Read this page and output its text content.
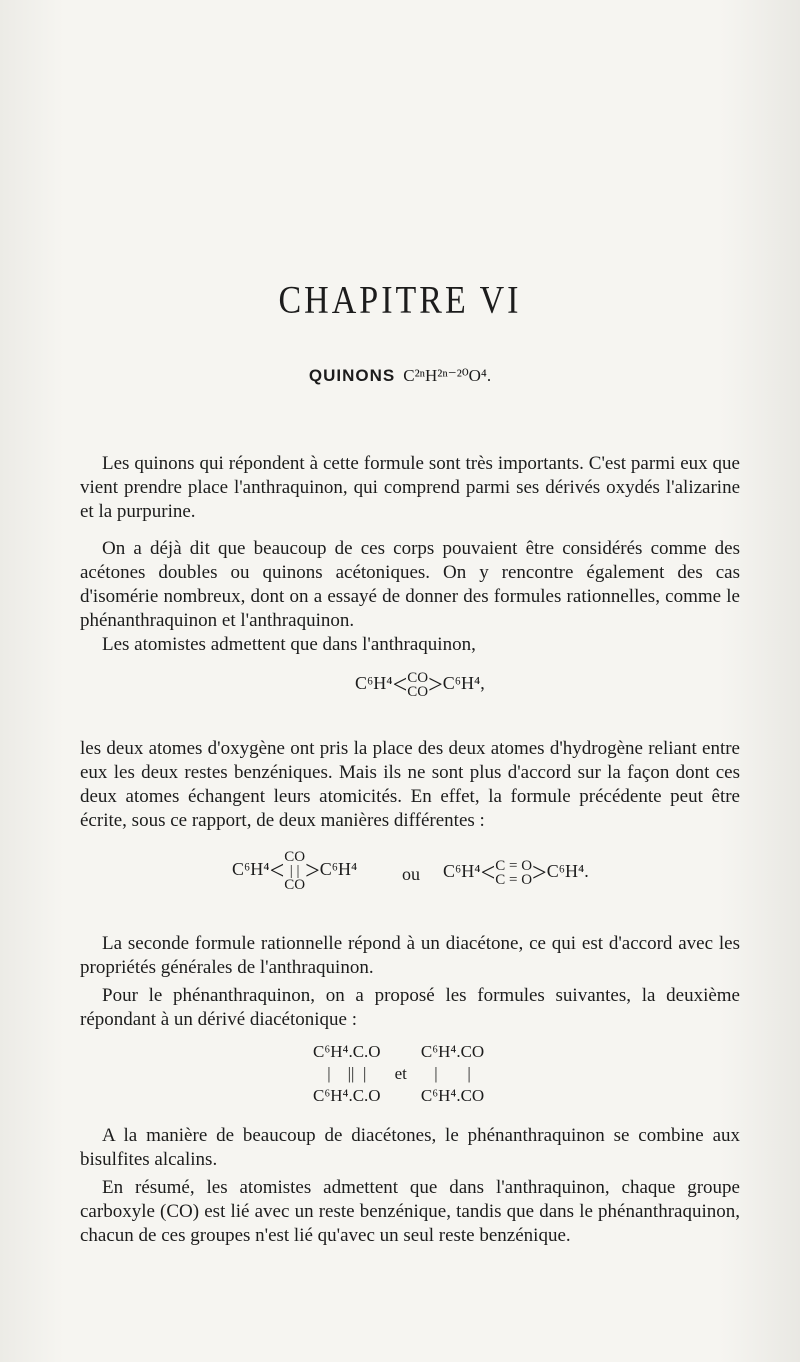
CHAPITRE VI
QUINONS C²ⁿH²ⁿ⁻²⁰O⁴.

Les quinons qui répondent à cette formule sont très importants. C'est parmi eux que vient prendre place l'anthraquinon, qui comprend parmi ses dérivés oxydés l'alizarine et la purpurine.

On a déjà dit que beaucoup de ces corps pouvaient être considérés comme des acétones doubles ou quinons acétoniques. On y rencontre également des cas d'isomérie nombreux, dont on a essayé de donner des formules rationnelles, comme le phénanthraquinon et l'anthraquinon.

Les atomistes admettent que dans l'anthraquinon,

C⁶H⁴< CO
CO >C⁶H⁴,

les deux atomes d'oxygène ont pris la place des deux atomes d'hydrogène reliant entre eux les deux restes benzéniques. Mais ils ne sont plus d'accord sur la façon dont ces deux atomes échangent leurs atomicités. En effet, la formule précédente peut être écrite, sous ce rapport, de deux manières différentes :

C⁶H⁴< CO
| |
CO >C⁶H⁴ ou C⁶H⁴< C = O
C = O >C⁶H⁴.

La seconde formule rationnelle répond à un diacétone, ce qui est d'accord avec les propriétés générales de l'anthraquinon.

Pour le phénanthraquinon, on a proposé les formules suivantes, la deuxième répondant à un dérivé diacétonique :

C⁶H⁴.C.O		C⁶H⁴.CO
|    ||  |	et	|       |
C⁶H⁴.C.O		C⁶H⁴.CO

A la manière de beaucoup de diacétones, le phénanthraquinon se combine aux bisulfites alcalins.

En résumé, les atomistes admettent que dans l'anthraquinon, chaque groupe carboxyle (CO) est lié avec un reste benzénique, tandis que dans le phénanthraquinon, chacun de ces groupes n'est lié qu'avec un seul reste benzénique.
